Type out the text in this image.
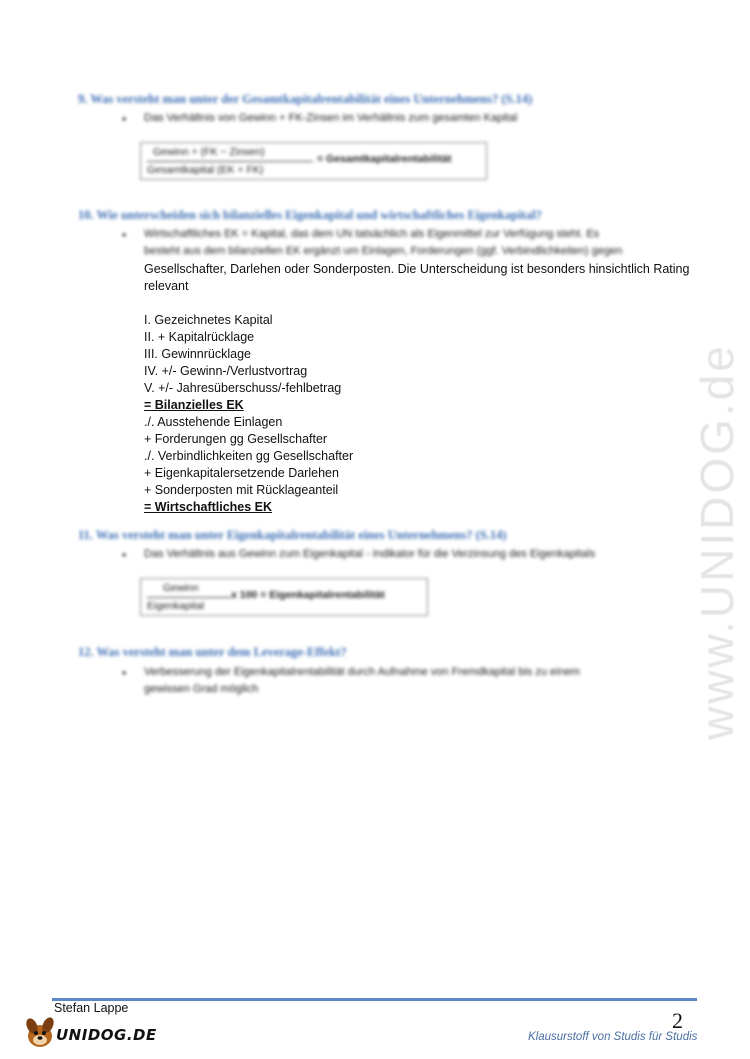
www.UNIDOG.de
9. Was versteht man unter der Gesamtkapitalrentabilität eines Unternehmens? (S.14)
• Das Verhältnis von Gewinn + FK-Zinsen im Verhältnis zum gesamten Kapital
Gewinn + (FK − Zinsen)
Gesamtkapital (EK + FK)
= Gesamtkapitalrentabilität
10. Wie unterscheiden sich bilanzielles Eigenkapital und wirtschaftliches Eigenkapital?
• Wirtschaftliches EK = Kapital, das dem UN tatsächlich als Eigenmittel zur Verfügung steht. Es
besteht aus dem bilanziellen EK ergänzt um Einlagen, Forderungen (ggf. Verbindlichkeiten) gegen
Gesellschafter, Darlehen oder Sonderposten. Die Unterscheidung ist besonders hinsichtlich Rating
relevant
I. Gezeichnetes Kapital
II. + Kapitalrücklage
III. Gewinnrücklage
IV. +/- Gewinn-/Verlustvortrag
V. +/- Jahresüberschuss/-fehlbetrag
= Bilanzielles EK
./. Ausstehende Einlagen
+ Forderungen gg Gesellschafter
./. Verbindlichkeiten gg Gesellschafter
+ Eigenkapitalersetzende Darlehen
+ Sonderposten mit Rücklageanteil
= Wirtschaftliches EK
11. Was versteht man unter Eigenkapitalrentabilität eines Unternehmens? (S.14)
• Das Verhältnis aus Gewinn zum Eigenkapital - Indikator für die Verzinsung des Eigenkapitals
Gewinn
Eigenkapital
x 100 = Eigenkapitalrentabilität
12. Was versteht man unter dem Leverage-Effekt?
• Verbesserung der Eigenkapitalrentabilität durch Aufnahme von Fremdkapital bis zu einem
gewissen Grad möglich
Stefan Lappe	2
Klausurstoff von Studis für Studis
UNIDOG.DE
